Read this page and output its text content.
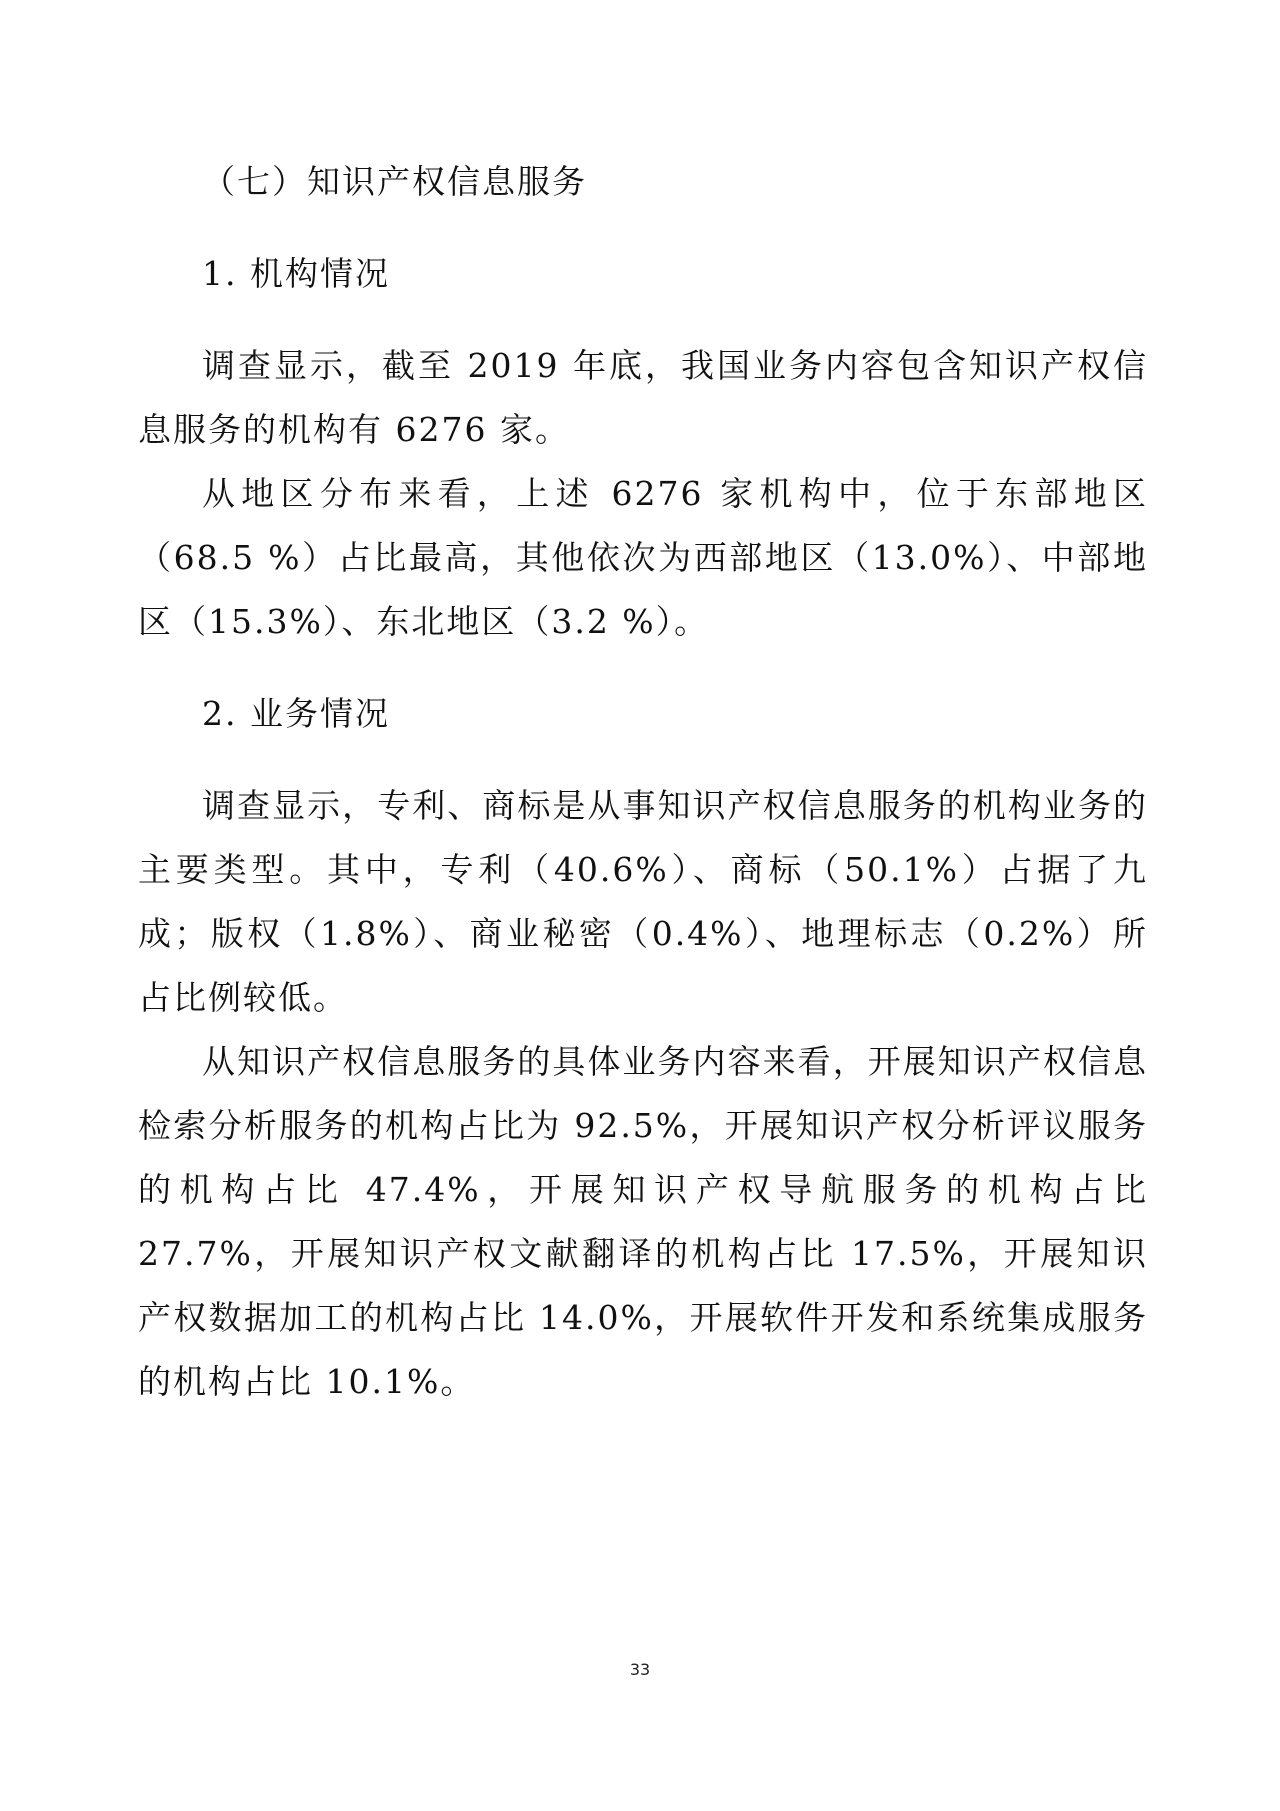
（七）知识产权信息服务
1. 机构情况

调查显示，截至 2019 年底，我国业务内容包含知识产权信息服务的机构有 6276 家。

从地区分布来看，上述 6276 家机构中，位于东部地区（68.5 %）占比最高，其他依次为西部地区（13.0%）、中部地区（15.3%）、东北地区（3.2 %）。

2. 业务情况

调查显示，专利、商标是从事知识产权信息服务的机构业务的主要类型。其中，专利（40.6%）、商标（50.1%）占据了九成；版权（1.8%）、商业秘密（0.4%）、地理标志（0.2%）所占比例较低。

从知识产权信息服务的具体业务内容来看，开展知识产权信息检索分析服务的机构占比为 92.5%，开展知识产权分析评议服务的机构占比 47.4%，开展知识产权导航服务的机构占比 27.7%，开展知识产权文献翻译的机构占比 17.5%，开展知识产权数据加工的机构占比 14.0%，开展软件开发和系统集成服务的机构占比 10.1%。

33
